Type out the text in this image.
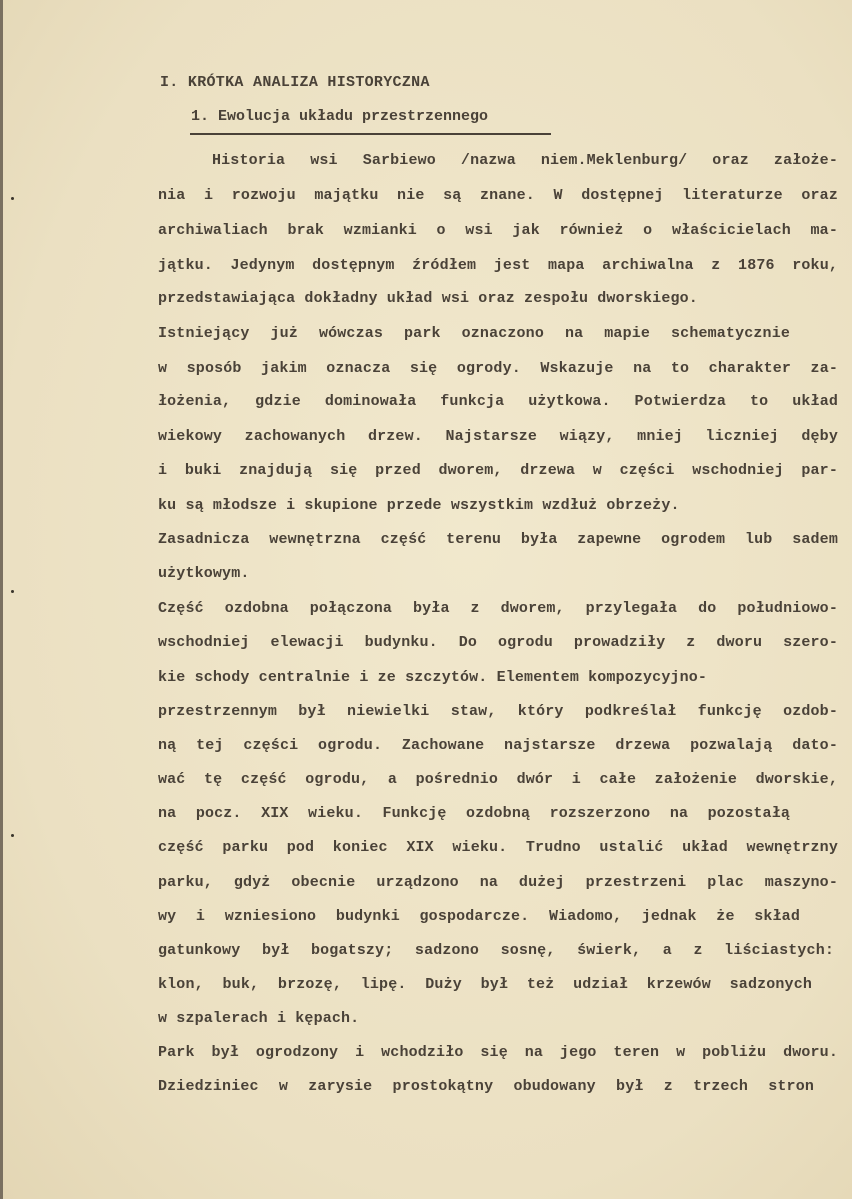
I. KRÓTKA ANALIZA HISTORYCZNA
1. Ewolucja układu przestrzennego
Historia wsi Sarbiewo /nazwa niem.Meklenburg/ oraz założe-
nia i rozwoju majątku nie są znane. W dostępnej literaturze oraz
archiwaliach brak wzmianki o wsi jak również o właścicielach ma-
jątku. Jedynym dostępnym źródłem jest mapa archiwalna z 1876 roku,
przedstawiająca dokładny układ wsi oraz zespołu dworskiego.
Istniejący już wówczas park oznaczono na mapie schematycznie
w sposób jakim oznacza się ogrody. Wskazuje na to charakter za-
łożenia, gdzie dominowała funkcja użytkowa. Potwierdza to układ
wiekowy zachowanych drzew. Najstarsze wiązy, mniej liczniej dęby
i buki znajdują się przed dworem, drzewa w części wschodniej par-
ku są młodsze i skupione przede wszystkim wzdłuż obrzeży.
Zasadnicza wewnętrzna część terenu była zapewne ogrodem lub sadem
użytkowym.
Część ozdobna połączona była z dworem, przylegała do południowo-
wschodniej elewacji budynku. Do ogrodu prowadziły z dworu szero-
kie schody centralnie i ze szczytów. Elementem kompozycyjno-
przestrzennym był niewielki staw, który podkreślał funkcję ozdob-
ną tej części ogrodu. Zachowane najstarsze drzewa pozwalają dato-
wać tę część ogrodu, a pośrednio dwór i całe założenie dworskie,
na pocz. XIX wieku. Funkcję ozdobną rozszerzono na pozostałą
część parku pod koniec XIX wieku. Trudno ustalić układ wewnętrzny
parku, gdyż obecnie urządzono na dużej przestrzeni plac maszyno-
wy i wzniesiono budynki gospodarcze. Wiadomo, jednak że skład
gatunkowy był bogatszy; sadzono sosnę, świerk, a z liściastych:
klon, buk, brzozę, lipę. Duży był też udział krzewów sadzonych
w szpalerach i kępach.
Park był ogrodzony i wchodziło się na jego teren w pobliżu dworu.
Dziedziniec w zarysie prostokątny obudowany był z trzech stron
